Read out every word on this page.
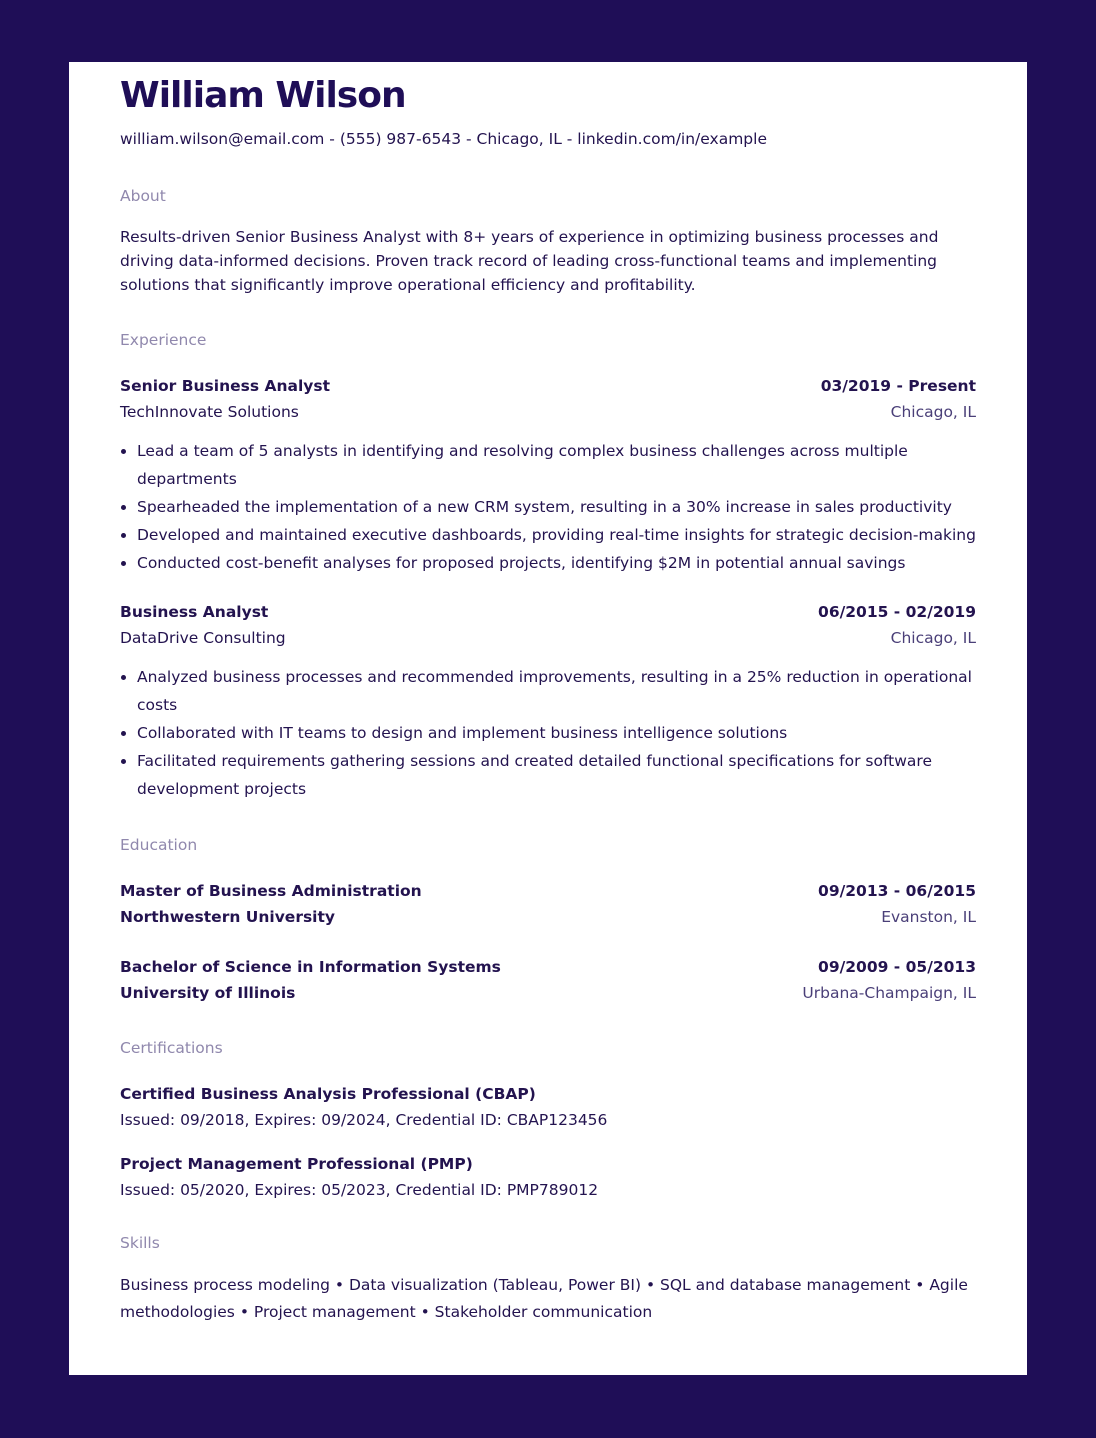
William Wilson
william.wilson@email.com - (555) 987-6543 - Chicago, IL - linkedin.com/in/example
About
Results-driven Senior Business Analyst with 8+ years of experience in optimizing business processes and driving data-informed decisions. Proven track record of leading cross-functional teams and implementing solutions that significantly improve operational efficiency and profitability.
Experience
Senior Business Analyst	03/2019 - Present
TechInnovate Solutions	Chicago, IL
• Lead a team of 5 analysts in identifying and resolving complex business challenges across multiple departments
• Spearheaded the implementation of a new CRM system, resulting in a 30% increase in sales productivity
• Developed and maintained executive dashboards, providing real-time insights for strategic decision-making
• Conducted cost-benefit analyses for proposed projects, identifying $2M in potential annual savings
Business Analyst	06/2015 - 02/2019
DataDrive Consulting	Chicago, IL
• Analyzed business processes and recommended improvements, resulting in a 25% reduction in operational costs
• Collaborated with IT teams to design and implement business intelligence solutions
• Facilitated requirements gathering sessions and created detailed functional specifications for software development projects
Education
Master of Business Administration	09/2013 - 06/2015
Northwestern University	Evanston, IL
Bachelor of Science in Information Systems	09/2009 - 05/2013
University of Illinois	Urbana-Champaign, IL
Certifications
Certified Business Analysis Professional (CBAP)
Issued: 09/2018, Expires: 09/2024, Credential ID: CBAP123456
Project Management Professional (PMP)
Issued: 05/2020, Expires: 05/2023, Credential ID: PMP789012
Skills
Business process modeling • Data visualization (Tableau, Power BI) • SQL and database management • Agile methodologies • Project management • Stakeholder communication
